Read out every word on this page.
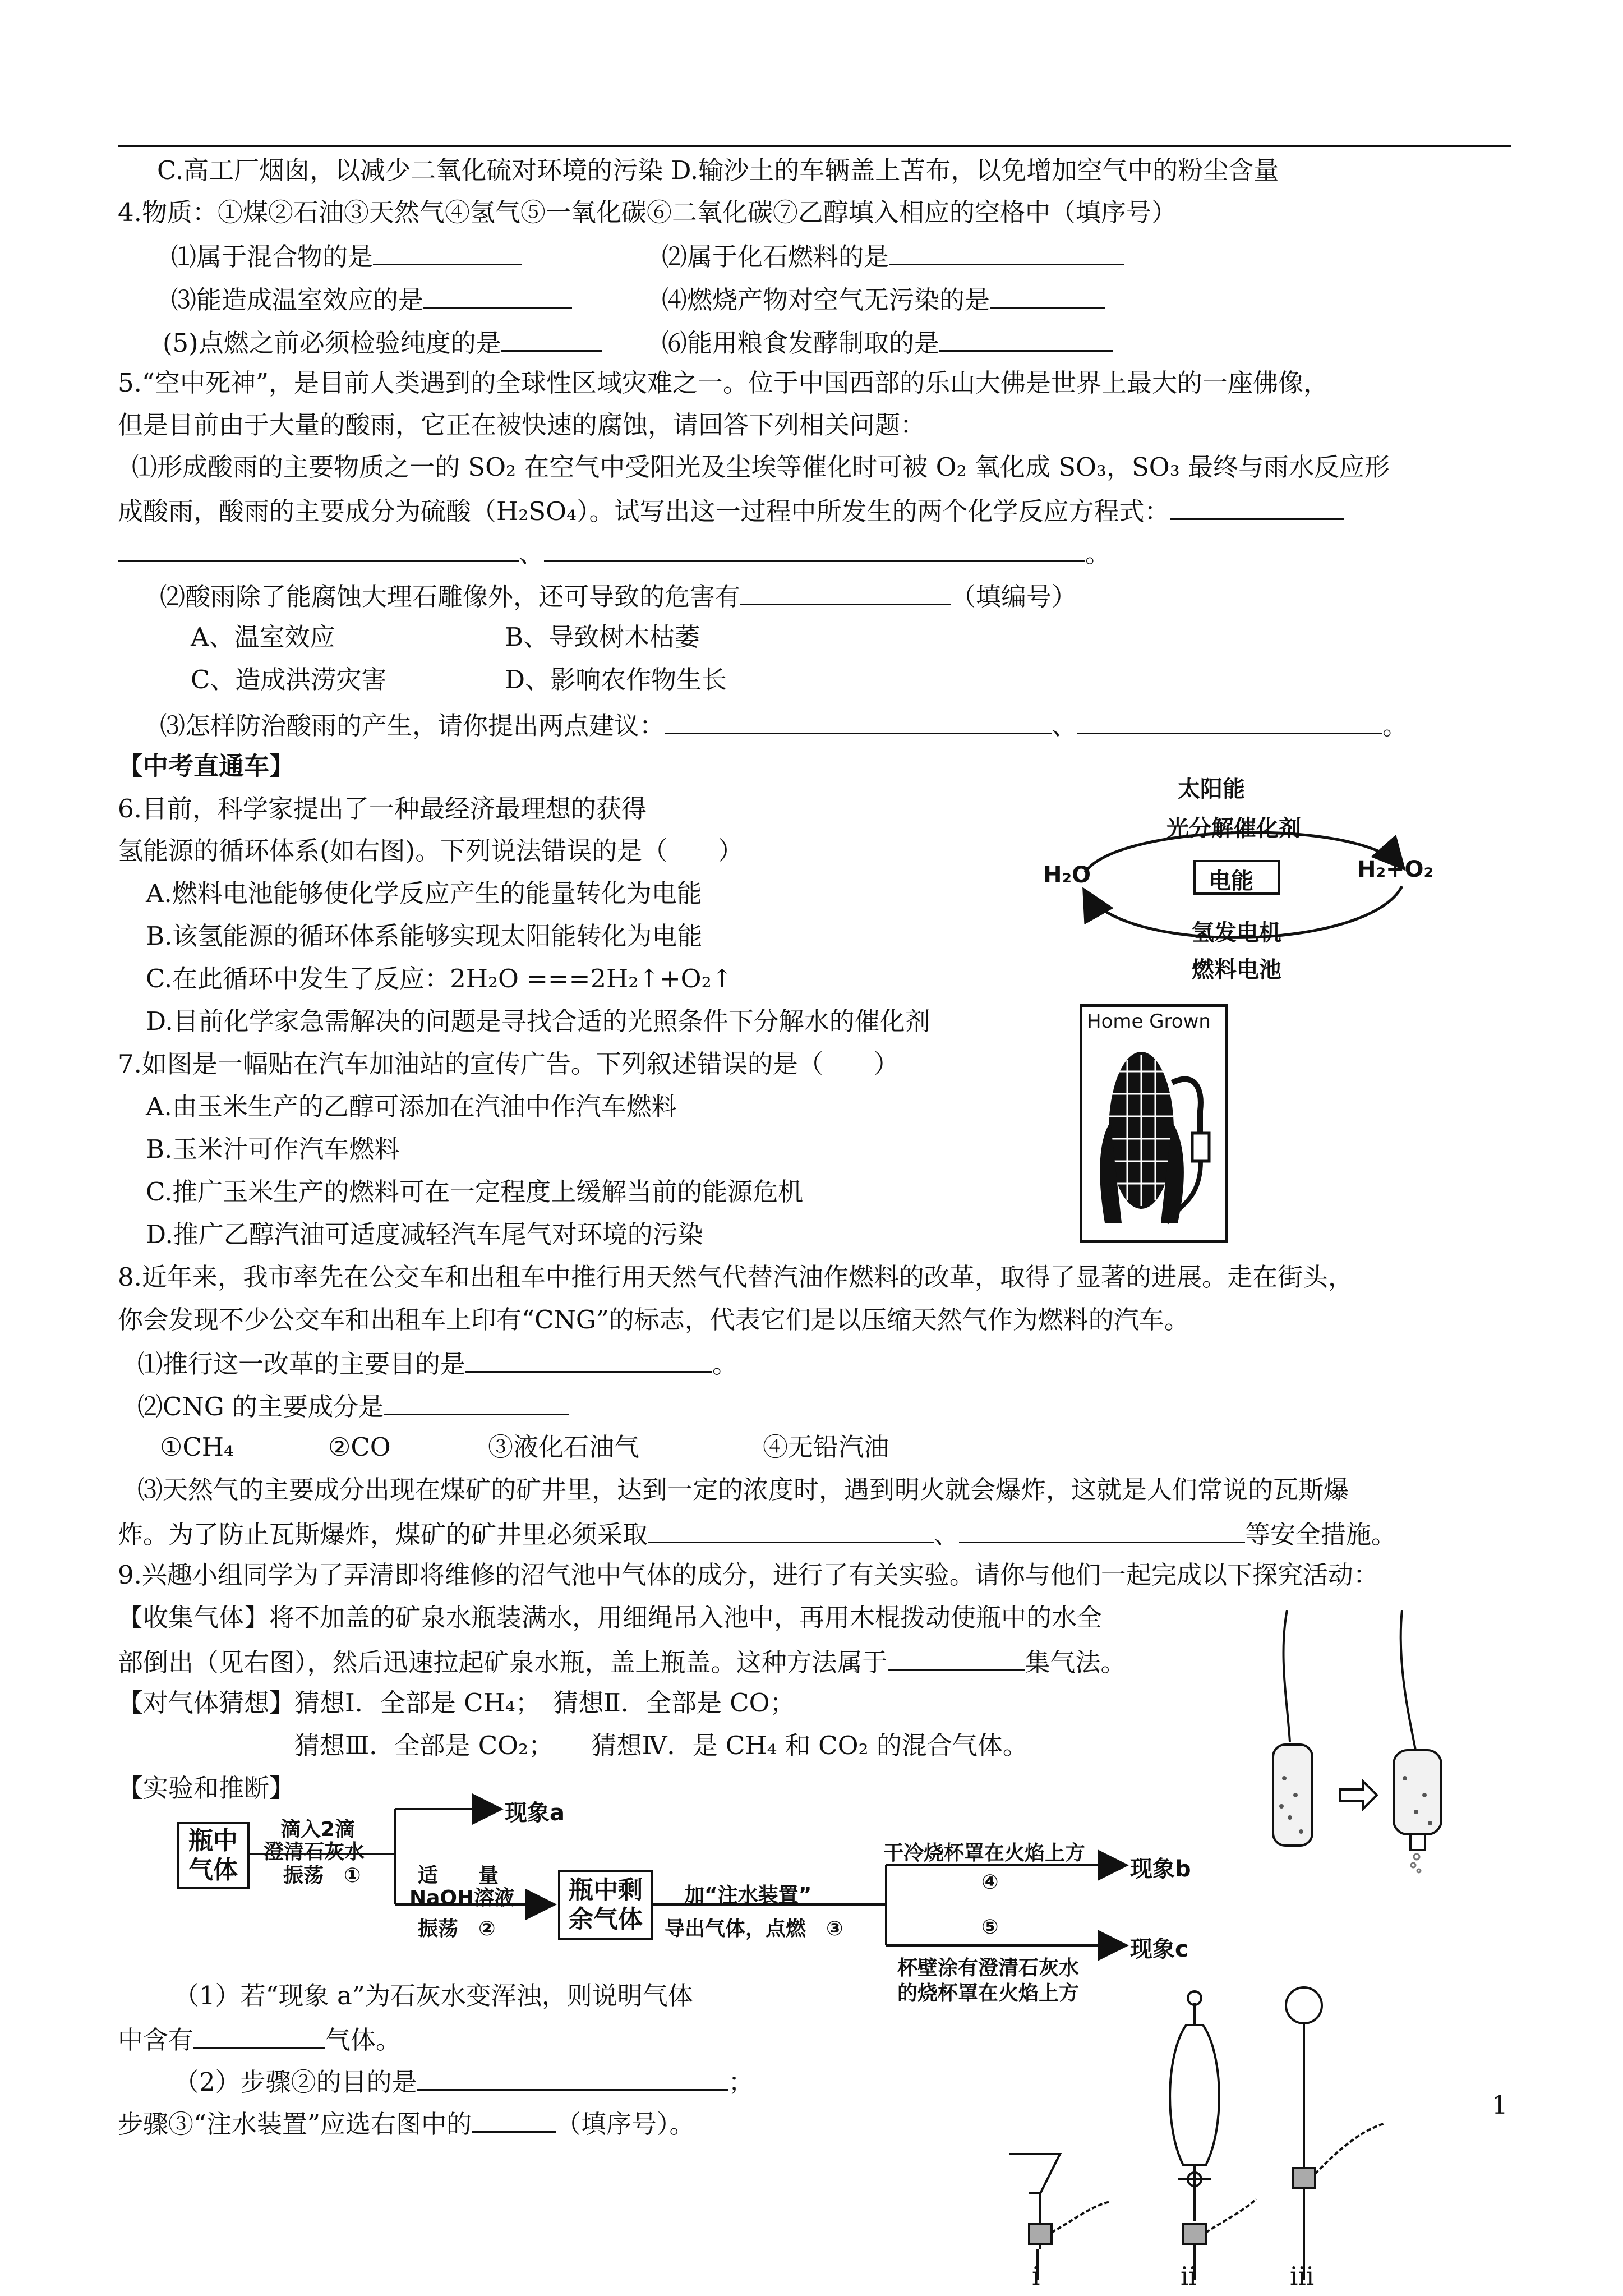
C.高工厂烟囱，以减少二氧化硫对环境的污染 D.输沙土的车辆盖上苫布，以免增加空气中的粉尘含量
4.物质：①煤②石油③天然气④氢气⑤一氧化碳⑥二氧化碳⑦乙醇填入相应的空格中（填序号）
⑴属于混合物的是	⑵属于化石燃料的是
⑶能造成温室效应的是	⑷燃烧产物对空气无污染的是
(5)点燃之前必须检验纯度的是	⑹能用粮食发酵制取的是
5.“空中死神”，是目前人类遇到的全球性区域灾难之一。位于中国西部的乐山大佛是世界上最大的一座佛像，
但是目前由于大量的酸雨，它正在被快速的腐蚀，请回答下列相关问题：
⑴形成酸雨的主要物质之一的 SO₂ 在空气中受阳光及尘埃等催化时可被 O₂ 氧化成 SO₃，SO₃ 最终与雨水反应形
成酸雨，酸雨的主要成分为硫酸（H₂SO₄）。试写出这一过程中所发生的两个化学反应方程式：
、	。
⑵酸雨除了能腐蚀大理石雕像外，还可导致的危害有	（填编号）
A、温室效应	B、导致树木枯萎
C、造成洪涝灾害	D、影响农作物生长
⑶怎样防治酸雨的产生，请你提出两点建议：	、	。
【中考直通车】
6.目前，科学家提出了一种最经济最理想的获得
氢能源的循环体系(如右图)。下列说法错误的是（　　）
A.燃料电池能够使化学反应产生的能量转化为电能
B.该氢能源的循环体系能够实现太阳能转化为电能
C.在此循环中发生了反应：2H₂O ===2H₂↑+O₂↑
D.目前化学家急需解决的问题是寻找合适的光照条件下分解水的催化剂
太阳能
光分解催化剂
H₂O	H₂+O₂
电能
氢发电机
燃料电池
7.如图是一幅贴在汽车加油站的宣传广告。下列叙述错误的是（　　）
A.由玉米生产的乙醇可添加在汽油中作汽车燃料
B.玉米汁可作汽车燃料
C.推广玉米生产的燃料可在一定程度上缓解当前的能源危机
D.推广乙醇汽油可适度减轻汽车尾气对环境的污染
Home Grown
8.近年来，我市率先在公交车和出租车中推行用天然气代替汽油作燃料的改革，取得了显著的进展。走在街头，
你会发现不少公交车和出租车上印有“CNG”的标志，代表它们是以压缩天然气作为燃料的汽车。
⑴推行这一改革的主要目的是	。
⑵CNG 的主要成分是
①CH₄	②CO	③液化石油气	④无铅汽油
⑶天然气的主要成分出现在煤矿的矿井里，达到一定的浓度时，遇到明火就会爆炸，这就是人们常说的瓦斯爆
炸。为了防止瓦斯爆炸，煤矿的矿井里必须采取	、	等安全措施。
9.兴趣小组同学为了弄清即将维修的沼气池中气体的成分，进行了有关实验。请你与他们一起完成以下探究活动：
【收集气体】将不加盖的矿泉水瓶装满水，用细绳吊入池中，再用木棍拨动使瓶中的水全
部倒出（见右图），然后迅速拉起矿泉水瓶，盖上瓶盖。这种方法属于	集气法。
【对气体猜想】猜想Ⅰ．全部是 CH₄；　猜想Ⅱ．全部是 CO；
猜想Ⅲ．全部是 CO₂；　　猜想Ⅳ．是 CH₄ 和 CO₂ 的混合气体。
【实验和推断】
瓶中
气体
瓶中剩
余气体
滴入2滴
澄清石灰水
振荡　①
现象a
适　　量
NaOH溶液
振荡　②
加“注水装置”
导出气体，点燃　③
干冷烧杯罩在火焰上方
④
现象b
⑤
现象c
杯壁涂有澄清石灰水
的烧杯罩在火焰上方
（1）若“现象 a”为石灰水变浑浊，则说明气体
中含有	气体。
（2）步骤②的目的是	；
步骤③“注水装置”应选右图中的	（填序号）。
i	ii	iii
1
